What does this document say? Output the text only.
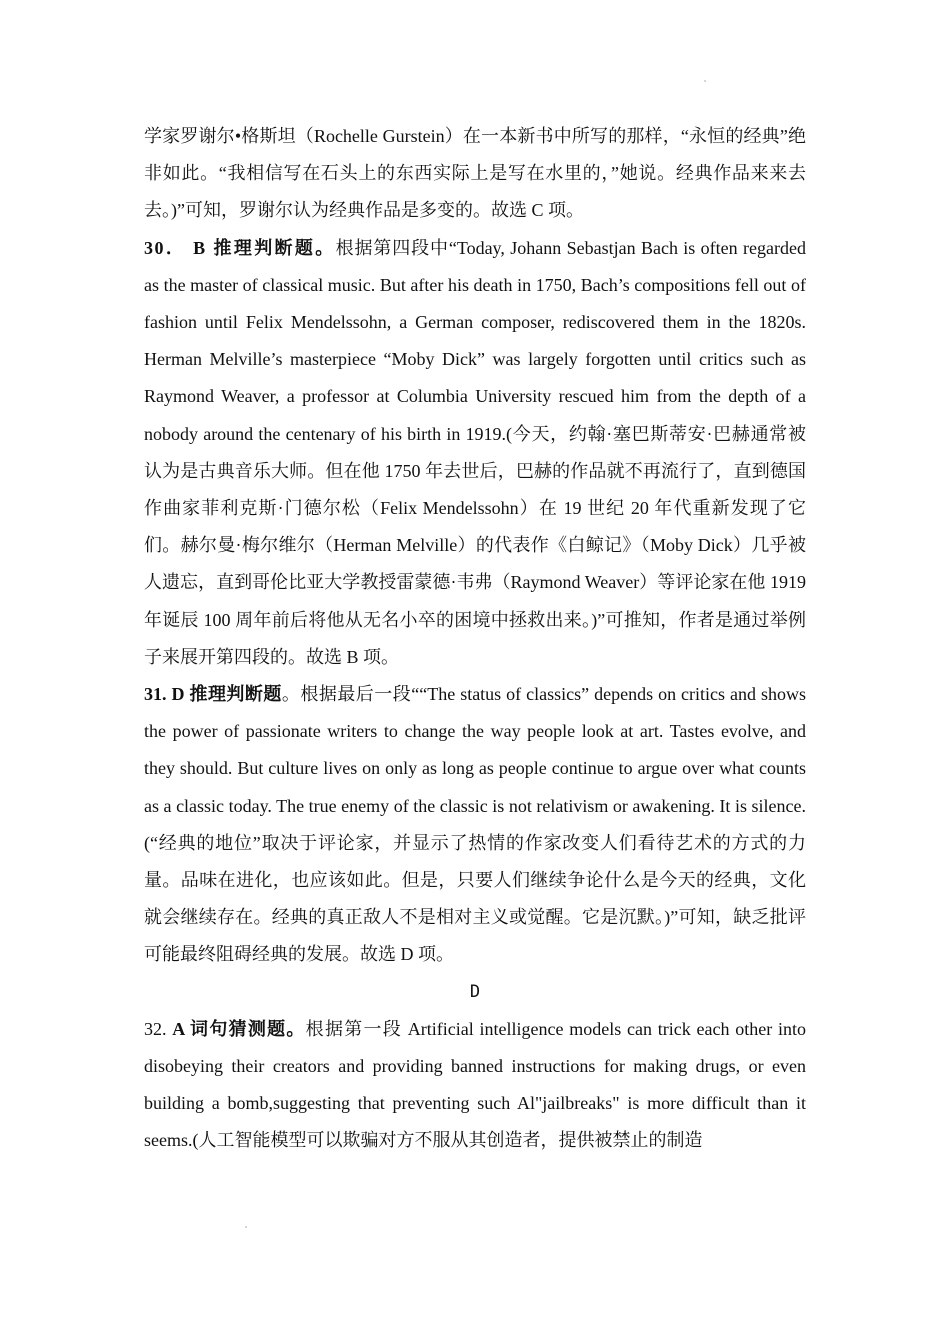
学家罗谢尔•格斯坦（Rochelle Gurstein）在一本新书中所写的那样，“永恒的经典”绝非如此。“我相信写在石头上的东西实际上是写在水里的，”她说。经典作品来来去去。)”可知，罗谢尔认为经典作品是多变的。故选 C 项。

30． B 推理判断题。根据第四段中“Today, Johann Sebastjan Bach is often regarded as the master of classical music. But after his death in 1750, Bach’s compositions fell out of fashion until Felix Mendelssohn, a German composer, rediscovered them in the 1820s. Herman Melville’s masterpiece “Moby Dick” was largely forgotten until critics such as Raymond Weaver, a professor at Columbia University rescued him from the depth of a nobody around the centenary of his birth in 1919.(今天，约翰·塞巴斯蒂安·巴赫通常被认为是古典音乐大师。但在他 1750 年去世后，巴赫的作品就不再流行了，直到德国作曲家菲利克斯·门德尔松（Felix Mendelssohn）在 19 世纪 20 年代重新发现了它们。赫尔曼·梅尔维尔（Herman Melville）的代表作《白鲸记》（Moby Dick）几乎被人遗忘，直到哥伦比亚大学教授雷蒙德·韦弗（Raymond Weaver）等评论家在他 1919 年诞辰 100 周年前后将他从无名小卒的困境中拯救出来。)”可推知，作者是通过举例子来展开第四段的。故选 B 项。

31. D 推理判断题。根据最后一段““The status of classics” depends on critics and shows the power of passionate writers to change the way people look at art. Tastes evolve, and they should. But culture lives on only as long as people continue to argue over what counts as a classic today. The true enemy of the classic is not relativism or awakening. It is silence.(“经典的地位”取决于评论家，并显示了热情的作家改变人们看待艺术的方式的力量。品味在进化，也应该如此。但是，只要人们继续争论什么是今天的经典，文化就会继续存在。经典的真正敌人不是相对主义或觉醒。它是沉默。)”可知，缺乏批评可能最终阻碍经典的发展。故选 D 项。

D

32. A 词句猜测题。根据第一段 Artificial intelligence models can trick each other into disobeying their creators and providing banned instructions for making drugs, or even building a bomb,suggesting that preventing such Al"jailbreaks" is more difficult than it seems.(人工智能模型可以欺骗对方不服从其创造者，提供被禁止的制造
